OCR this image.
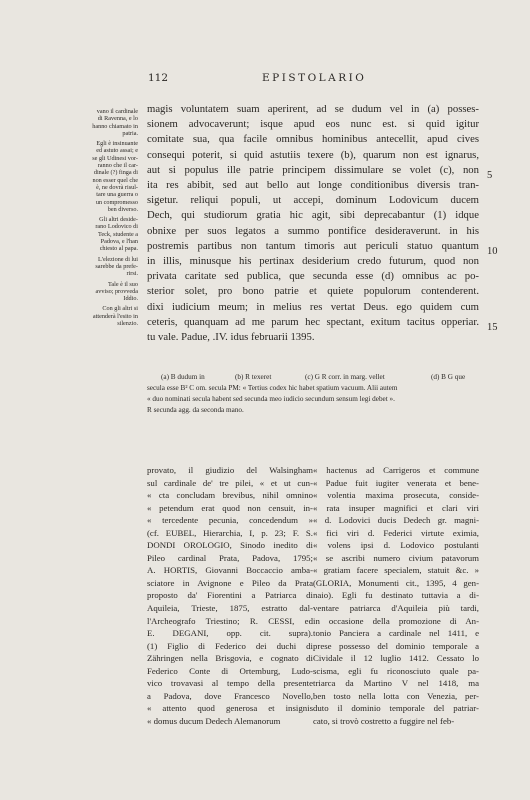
112	EPISTOLARIO

vano il cardinale
di Ravenna, e lo
hanno chiamato in
patria.

Egli è insinuante
ed astuto assai; e
se gli Udinesi vor-
ranno che il car-
dinale (?) finga di
non esser quel che
è, ne dovrà risul-
tare una guerra o
un compromesso
ben diverso.

Gli altri deside-
rano Lodovico di
Teck, studente a
Padova, e l'han
chiesto al papa.

L'elezione di lui
sarebbe da prefe-
rirsi.

Tale è il suo
avviso; provveda
Iddio.

Con gli altri si
attenderà l'esito in
silenzio.

magis voluntatem suam aperirent, ad se dudum vel in (a) posses-
sionem advocaverunt; isque apud eos nunc est. si quid igitur
comitate sua, qua facile omnibus hominibus antecellit, apud cives
consequi poterit, si quid astutiis texere (b), quarum non est ignarus,
aut si populus ille patrie principem dissimulare se volet (c), non
ita res abibit, sed aut bello aut longe conditionibus diversis tran-
sigetur. reliqui populi, ut accepi, dominum Lodovicum ducem
Dech, qui studiorum gratia hic agit, sibi deprecabantur (1) idque
obnixe per suos legatos a summo pontifice desideraverunt. in his
postremis partibus non tantum timoris aut periculi statuo quantum
in illis, minusque his pertinax desiderium credo futurum, quod non
privata caritate sed publica, que secunda esse (d) omnibus ac po-
sterior solet, pro bono patrie et quiete populorum contenderent.
dixi iudicium meum; in melius res vertat Deus. ego quidem cum
ceteris, quanquam ad me parum hec spectant, exitum tacitus opperiar.
tu vale. Padue, .IV. idus februarii 1395.
5
10
15
(a) B dudum in	(b) R texeret	(c) G R corr. in marg. vellet	(d) B G que
secula esse B² C om. secula PM: « Tertius codex hic habet spatium vacuum. Alii autem
« duo nominati secula habent sed secunda meo iudicio secundum sensum legi debet ».
R secunda agg. da seconda mano.
provato, il giudizio del Walsingham
sul cardinale de' tre pilei, « et ut cun-
« cta concludam brevibus, nihil omnino
« petendum erat quod non censuit, in-
« tercedente pecunia, concedendum »
(cf. EUBEL, Hierarchia, I, p. 23; F. S.
DONDI OROLOGIO, Sinodo inedito di
Pileo cardinal Prata, Padova, 1795;
A. HORTIS, Giovanni Boccaccio amba-
sciatore in Avignone e Pileo da Prata
proposto da' Fiorentini a Patriarca di
Aquileia, Trieste, 1875, estratto dal-
l'Archeografo Triestino; R. CESSI, ed
E. DEGANI, opp. cit. supra).
(1) Figlio di Federico dei duchi di
Zähringen nella Brisgovia, e cognato di
Federico Conte di Ortemburg, Ludo-
vico trovavasi al tempo della presente
a Padova, dove Francesco Novello,
« attento quod generosa et insignis
« domus ducum Dedech Alemanorum
« hactenus ad Carrigeros et commune
« Padue fuit iugiter venerata et bene-
« volentia maxima prosecuta, conside-
« rata insuper magnifici et clari viri
« d. Lodovici ducis Dedech gr. magni-
« fici viri d. Federici virtute eximia,
« volens ipsi d. Lodovico postulanti
« se ascribi numero civium patavorum
« gratiam facere specialem, statuit &c. »
(GLORIA, Monumenti cit., 1395, 4 gen-
naio). Egli fu destinato tuttavia a di-
ventare patriarca d'Aquileia più tardi,
in occasione della promozione di An-
tonio Panciera a cardinale nel 1411, e
prese possesso del dominio temporale a
Cividale il 12 luglio 1412. Cessato lo
scisma, egli fu riconosciuto quale pa-
triarca da Martino V nel 1418, ma
ben tosto nella lotta con Venezia, per-
duto il dominio temporale del patriar-
cato, si trovò costretto a fuggire nel feb-
